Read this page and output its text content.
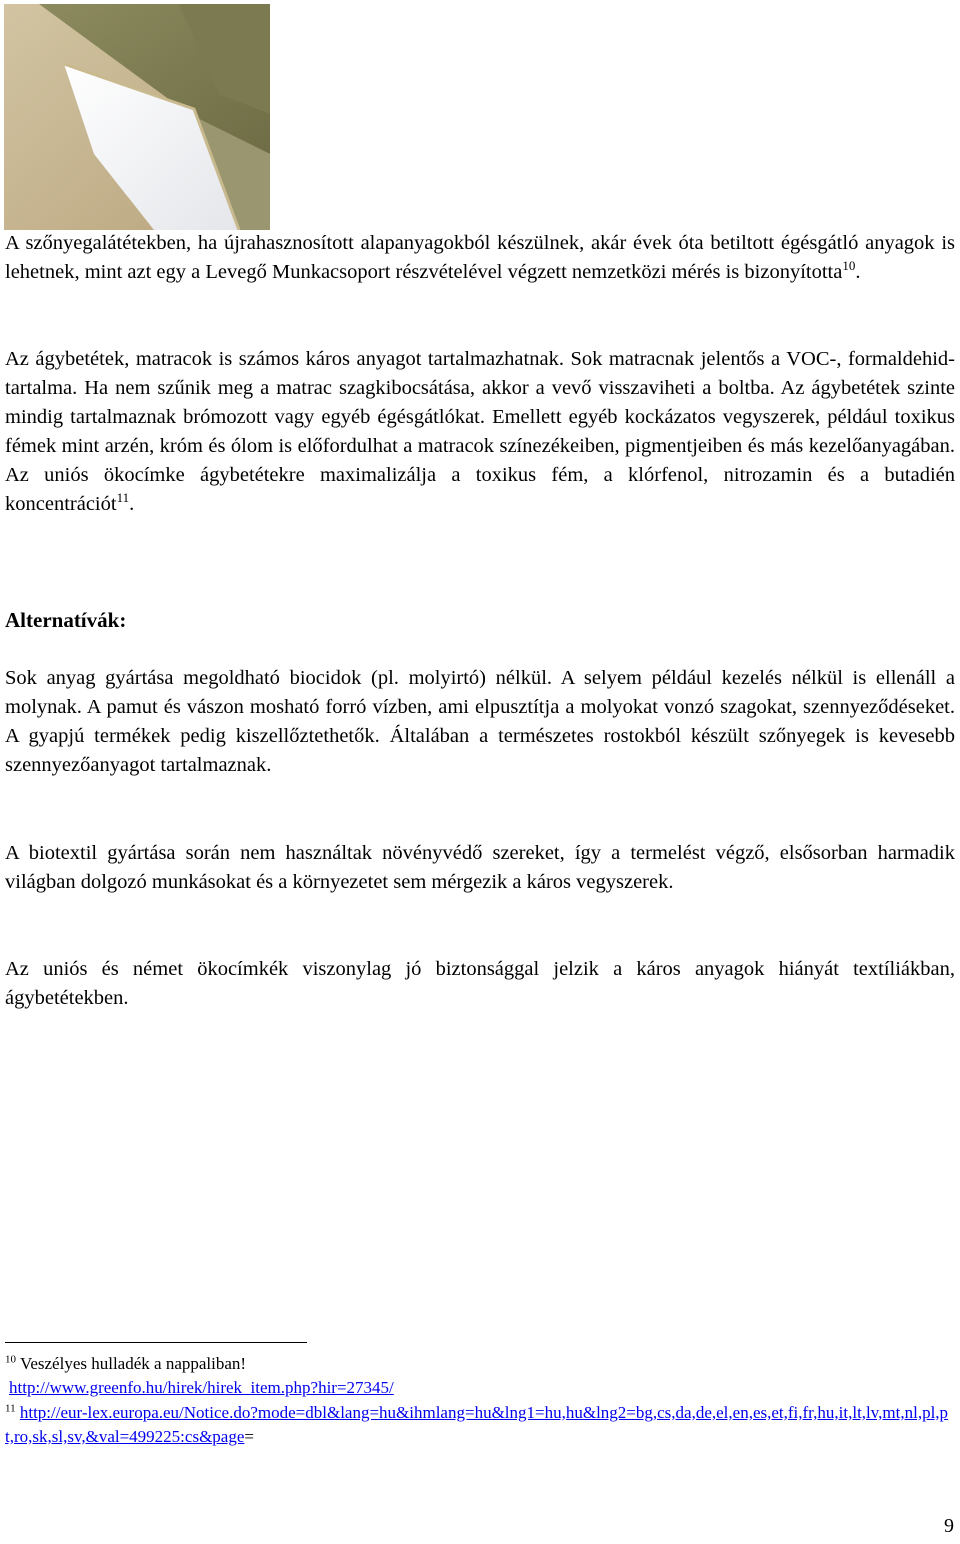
A szőnyegalátétekben, ha újrahasznosított alapanyagokból készülnek, akár évek óta betiltott égésgátló anyagok is lehetnek, mint azt egy a Levegő Munkacsoport részvételével végzett nemzetközi mérés is bizonyította$^{10}$.

Az ágybetétek, matracok is számos káros anyagot tartalmazhatnak. Sok matracnak jelentős a VOC-, formaldehid-tartalma. Ha nem szűnik meg a matrac szagkibocsátása, akkor a vevő visszaviheti a boltba. Az ágybetétek szinte mindig tartalmaznak brómozott vagy egyéb égésgátlókat. Emellett egyéb kockázatos vegyszerek, például toxikus fémek mint arzén, króm és ólom is előfordulhat a matracok színezékeiben, pigmentjeiben és más kezelőanyagában. Az uniós ökocímke ágybetétekre maximalizálja a toxikus fém, a klórfenol, nitrozamin és a butadién koncentrációt$^{11}$.

Alternatívák:

Sok anyag gyártása megoldható biocidok (pl. molyirtó) nélkül. A selyem például kezelés nélkül is ellenáll a molynak. A pamut és vászon mosható forró vízben, ami elpusztítja a molyokat vonzó szagokat, szennyeződéseket. A gyapjú termékek pedig kiszellőztethetők. Általában a természetes rostokból készült szőnyegek is kevesebb szennyezőanyagot tartalmaznak.

A biotextil gyártása során nem használtak növényvédő szereket, így a termelést végző, elsősorban harmadik világban dolgozó munkásokat és a környezetet sem mérgezik a káros vegyszerek.

Az uniós és német ökocímkék viszonylag jó biztonsággal jelzik a káros anyagok hiányát textíliákban, ágybetétekben.

$^{10}$ Veszélyes hulladék a nappaliban!
http://www.greenfo.hu/hirek/hirek_item.php?hir=27345/
$^{11}$ http://eur-lex.europa.eu/Notice.do?mode=dbl&lang=hu&ihmlang=hu&lng1=hu,hu&lng2=bg,cs,da,de,el,en,es,et,fi,fr,hu,it,lt,lv,mt,nl,pl,pt,ro,sk,sl,sv,&val=499225:cs&page=
9
